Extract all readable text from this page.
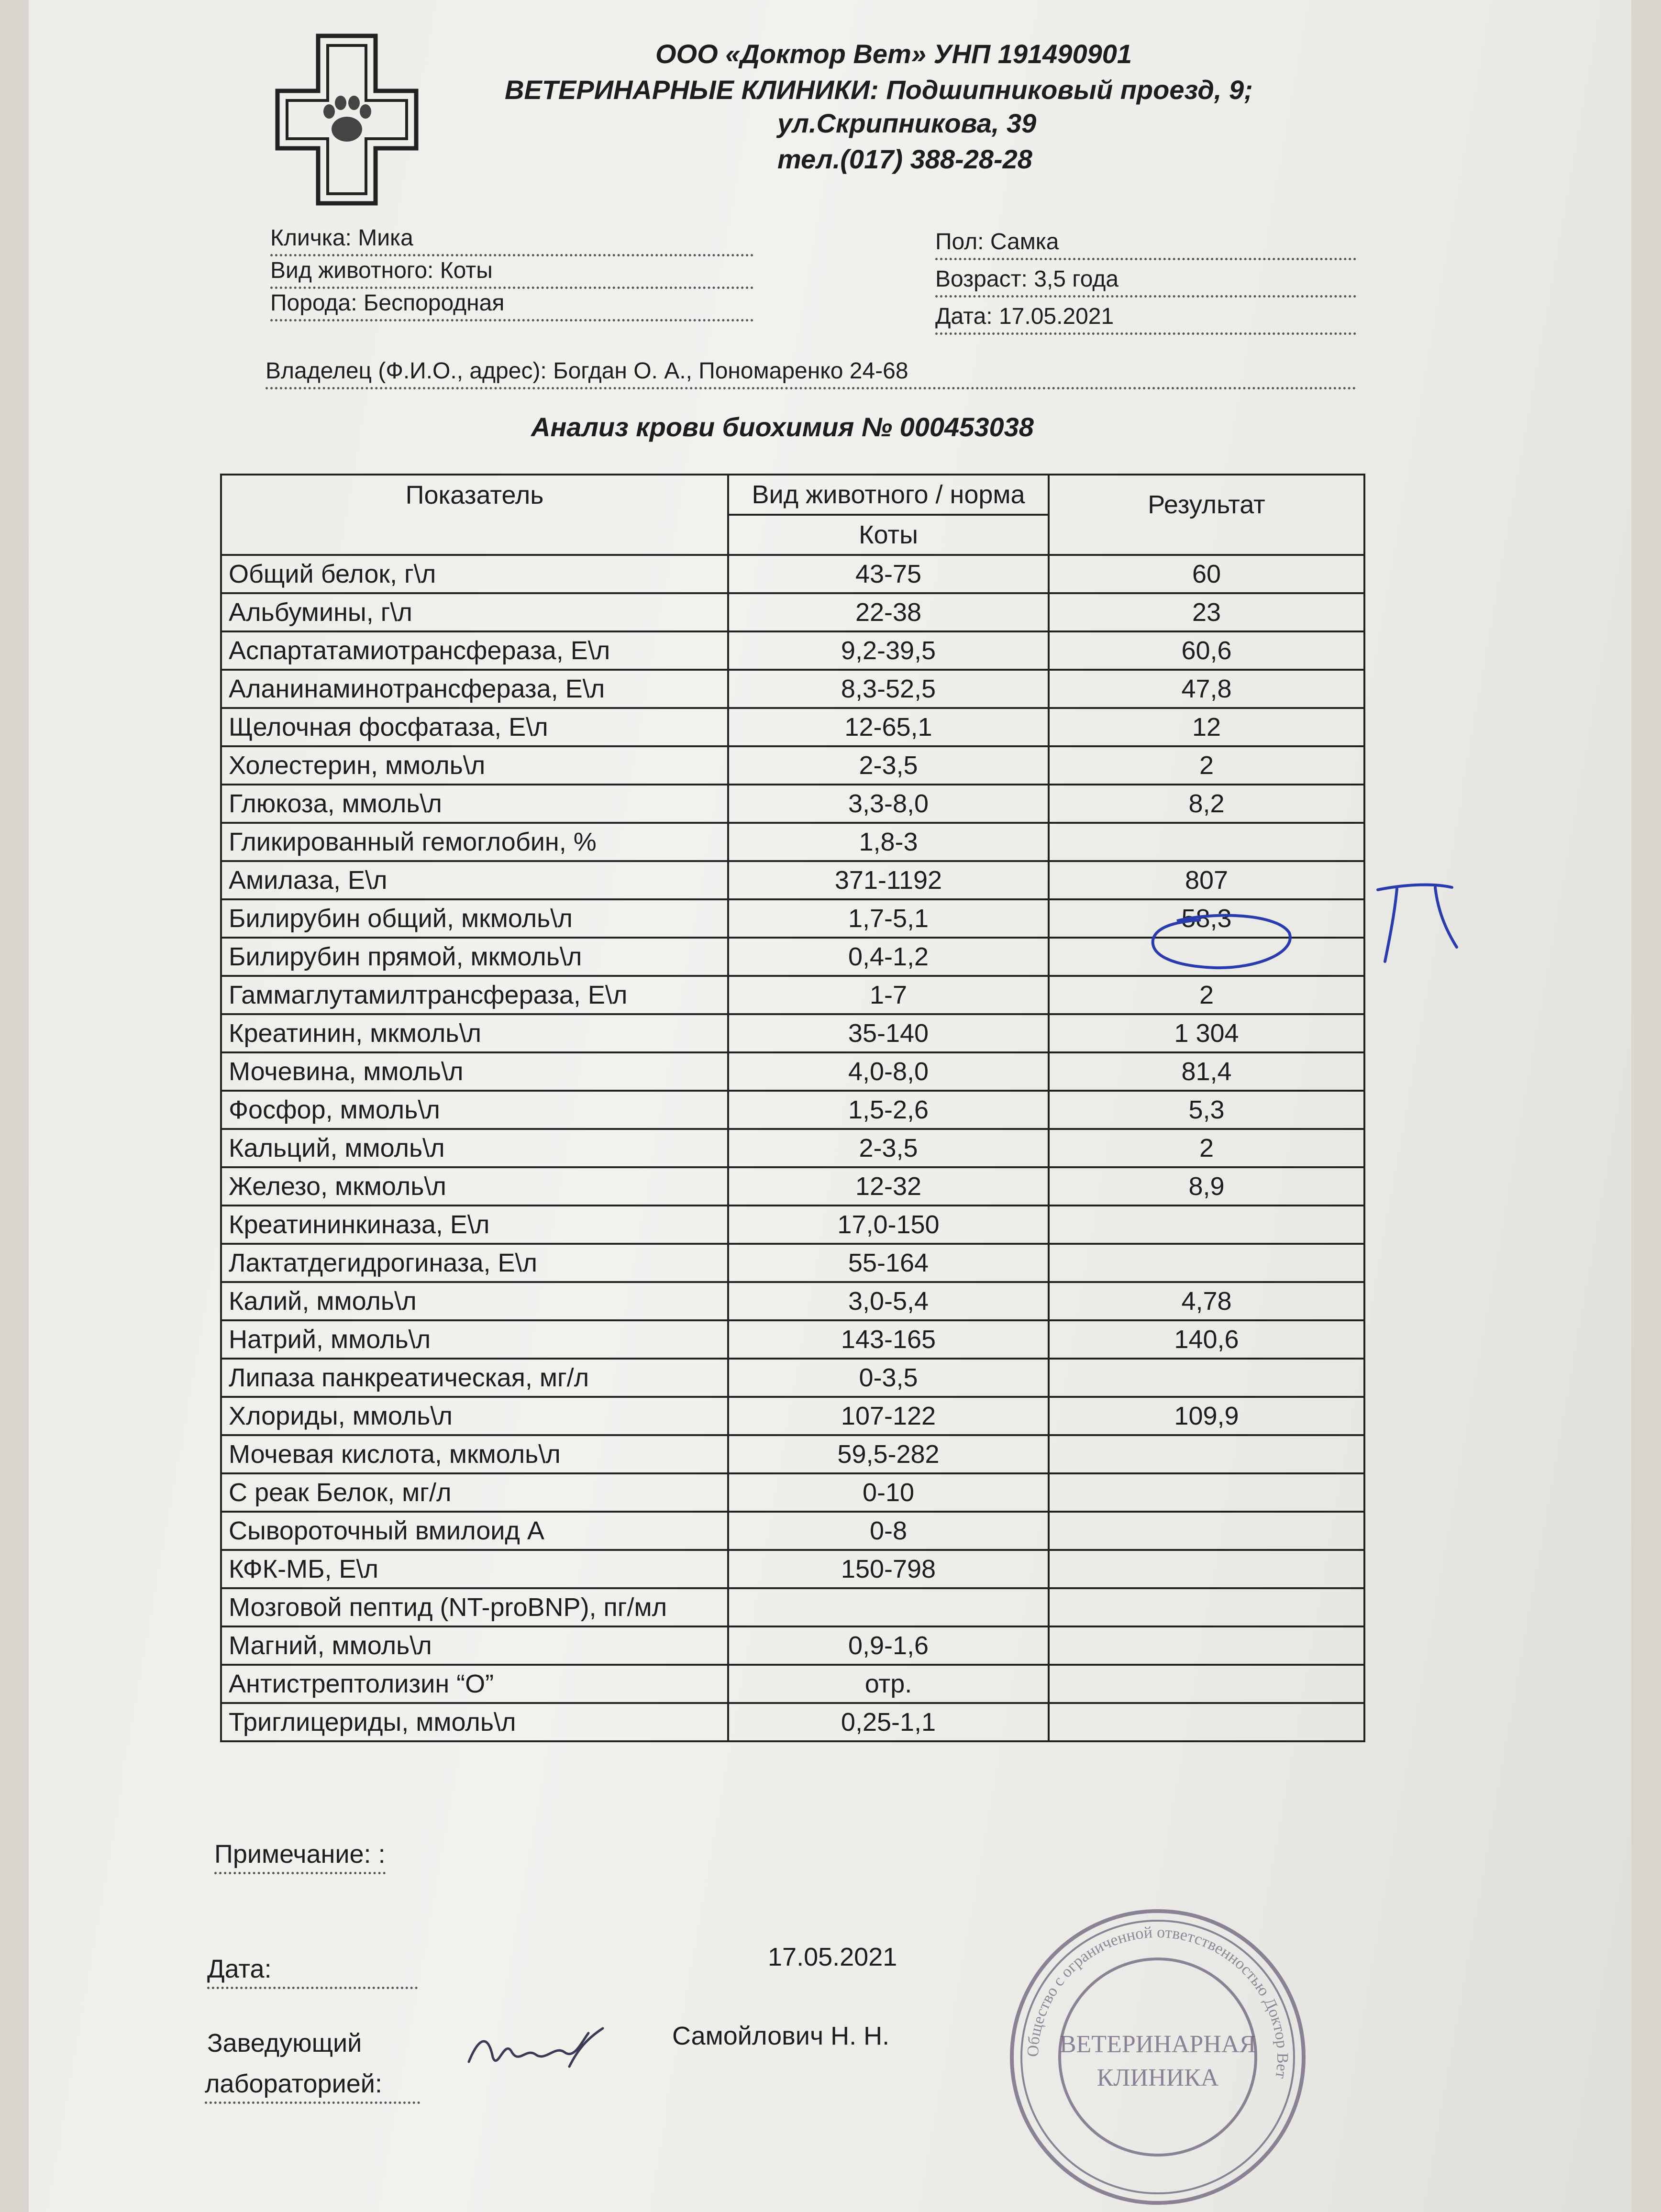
ООО «Доктор Вет» УНП 191490901
ВЕТЕРИНАРНЫЕ КЛИНИКИ: Подшипниковый проезд, 9;
ул.Скрипникова, 39
тел.(017) 388-28-28
Кличка: Мика
Вид животного: Коты
Порода: Беспородная
Пол: Самка
Возраст: 3,5 года
Дата: 17.05.2021
Владелец (Ф.И.О., адрес): Богдан О. А., Пономаренко 24-68
Анализ крови биохимия № 000453038
Показатель	Вид животного / норма	Результат
	Коты	
Общий белок, г\л	43-75	60
Альбумины, г\л	22-38	23
Аспартатамиотрансфераза, Е\л	9,2-39,5	60,6
Аланинаминотрансфераза, Е\л	8,3-52,5	47,8
Щелочная фосфатаза, Е\л	12-65,1	12
Холестерин, ммоль\л	2-3,5	2
Глюкоза, ммоль\л	3,3-8,0	8,2
Гликированный гемоглобин, %	1,8-3	
Амилаза, Е\л	371-1192	807
Билирубин общий, мкмоль\л	1,7-5,1	58,3
Билирубин прямой, мкмоль\л	0,4-1,2	
Гаммаглутамилтрансфераза, Е\л	1-7	2
Креатинин, мкмоль\л	35-140	1 304
Мочевина, ммоль\л	4,0-8,0	81,4
Фосфор, ммоль\л	1,5-2,6	5,3
Кальций, ммоль\л	2-3,5	2
Железо, мкмоль\л	12-32	8,9
Креатининкиназа, Е\л	17,0-150	
Лактатдегидрогиназа, Е\л	55-164	
Калий, ммоль\л	3,0-5,4	4,78
Натрий, ммоль\л	143-165	140,6
Липаза панкреатическая, мг/л	0-3,5	
Хлориды, ммоль\л	107-122	109,9
Мочевая кислота, мкмоль\л	59,5-282	
С реак Белок, мг/л	0-10	
Сывороточный вмилоид А	0-8	
КФК-МБ, Е\л	150-798	
Мозговой пептид (NT-proBNP), пг/мл		
Магний, ммоль\л	0,9-1,6	
Антистрептолизин “О”	отр.	
Триглицериды, ммоль\л	0,25-1,1	
Примечание: :
Дата:	17.05.2021
Заведующий
лабораторией:
Самойлович Н. Н.
Общество с ограниченной ответственностью Доктор Вет
ВЕТЕРИНАРНАЯ
КЛИНИКА
